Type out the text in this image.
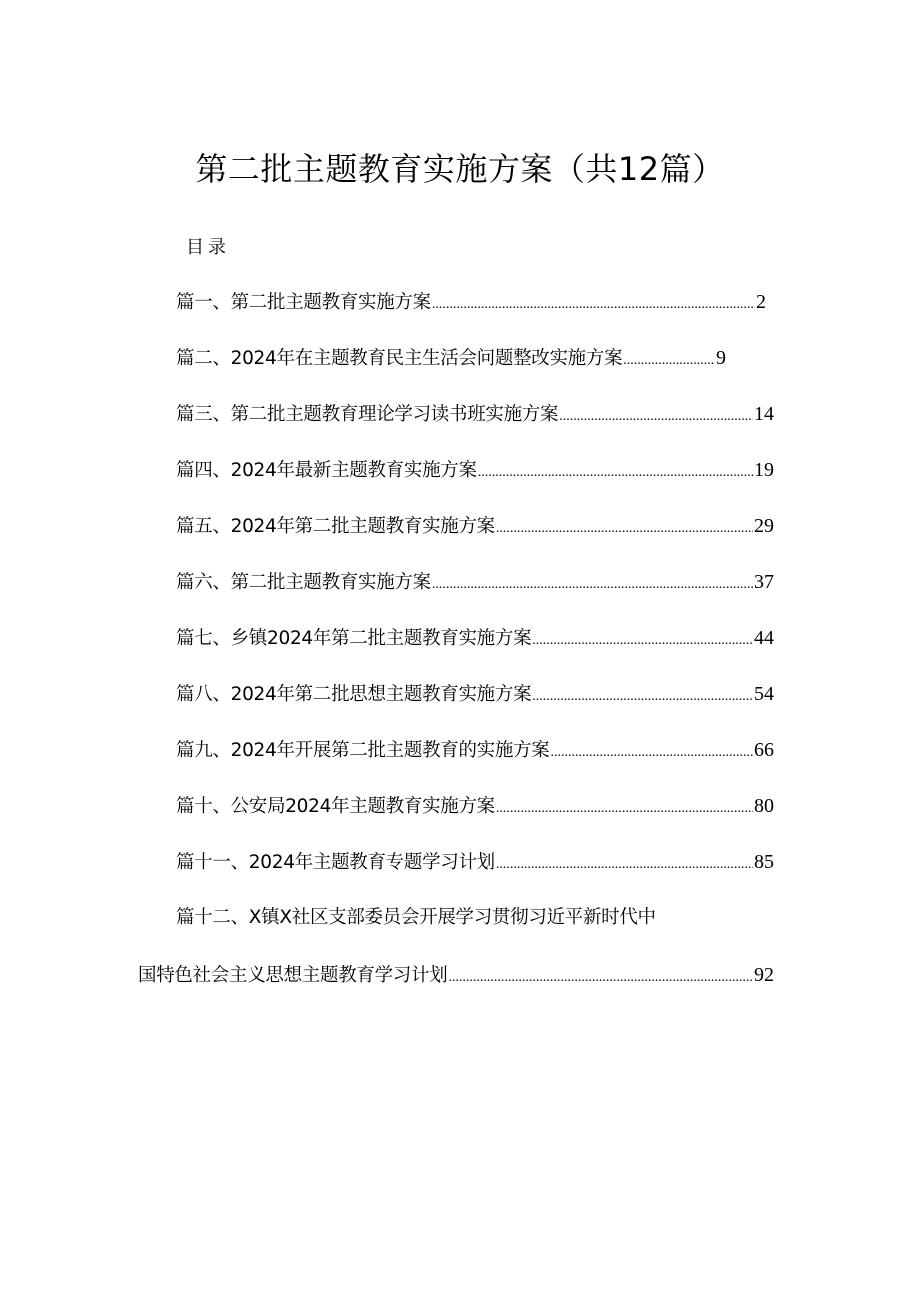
第二批主题教育实施方案（共12篇）
目录
篇一、第二批主题教育实施方案 .....	2
篇二、2024年在主题教育民主生活会问题整改实施方案 .....	9
篇三、第二批主题教育理论学习读书班实施方案 .....	14
篇四、2024年最新主题教育实施方案 .....	19
篇五、2024年第二批主题教育实施方案 .....	29
篇六、第二批主题教育实施方案 .....	37
篇七、乡镇2024年第二批主题教育实施方案 .....	44
篇八、2024年第二批思想主题教育实施方案 .....	54
篇九、2024年开展第二批主题教育的实施方案 .....	66
篇十、公安局2024年主题教育实施方案 .....	80
篇十一、2024年主题教育专题学习计划 .....	85
篇十二、X镇X社区支部委员会开展学习贯彻习近平新时代中
国特色社会主义思想主题教育学习计划 .....	92
